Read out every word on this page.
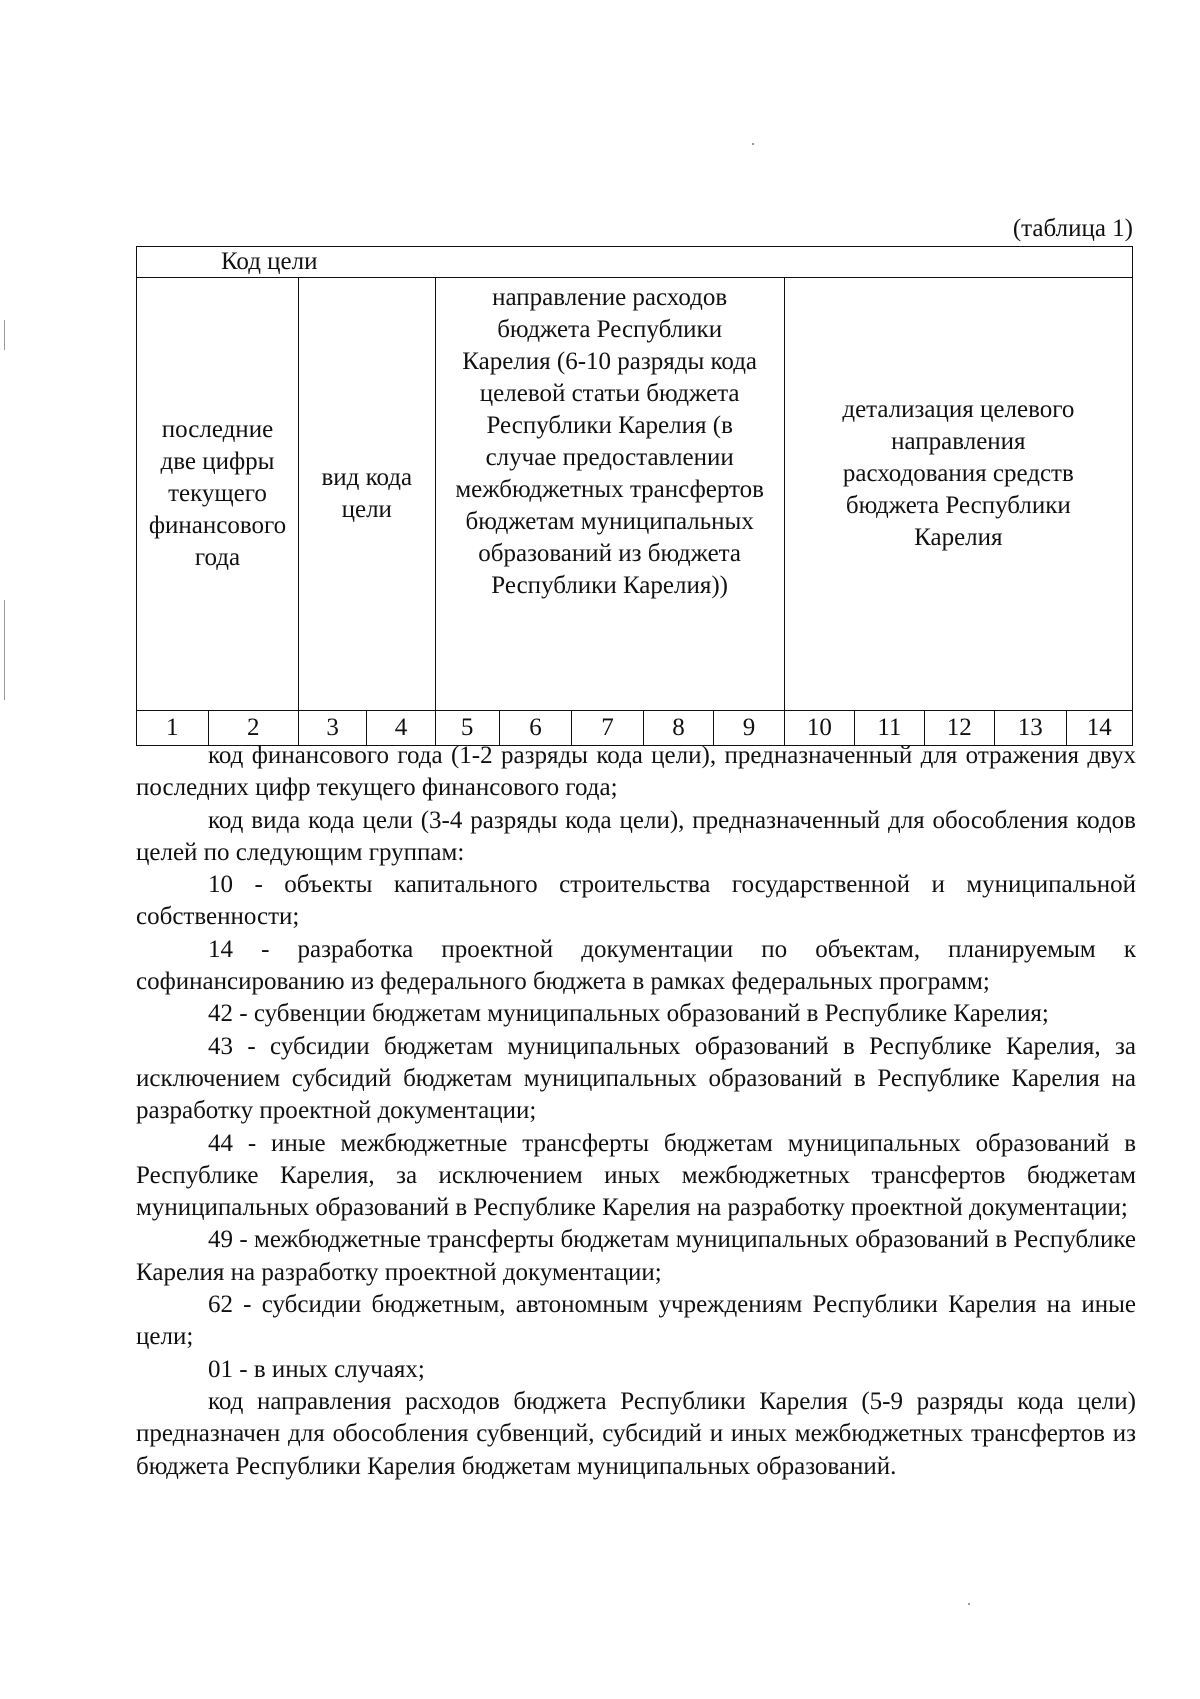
(таблица 1)
Код цели													
последние две цифры текущего финансового года		вид кода цели		направление расходов бюджета Республики Карелия (6-10 разряды кода целевой статьи бюджета Республики Карелия (в случае предоставлении межбюджетных трансфертов бюджетам муниципальных образований из бюджета Республики Карелия))					детализация целевого направления расходования средств бюджета Республики Карелия				
1	2	3	4	5	6	7	8	9	10	11	12	13	14

код финансового года (1-2 разряды кода цели), предназначенный для отражения двух последних цифр текущего финансового года;

код вида кода цели (3-4 разряды кода цели), предназначенный для обособления кодов целей по следующим группам:

10 - объекты капитального строительства государственной и муниципальной собственности;

14 - разработка проектной документации по объектам, планируемым к софинансированию из федерального бюджета в рамках федеральных программ;

42 - субвенции бюджетам муниципальных образований в Республике Карелия;

43 - субсидии бюджетам муниципальных образований в Республике Карелия, за исключением субсидий бюджетам муниципальных образований в Республике Карелия на разработку проектной документации;

44 - иные межбюджетные трансферты бюджетам муниципальных образований в Республике Карелия, за исключением иных межбюджетных трансфертов бюджетам муниципальных образований в Республике Карелия на разработку проектной документации;

49 - межбюджетные трансферты бюджетам муниципальных образований в Республике Карелия на разработку проектной документации;

62 - субсидии бюджетным, автономным учреждениям Республики Карелия на иные цели;

01 - в иных случаях;

код направления расходов бюджета Республики Карелия (5-9 разряды кода цели) предназначен для обособления субвенций, субсидий и иных межбюджетных трансфертов из бюджета Республики Карелия бюджетам муниципальных образований.
